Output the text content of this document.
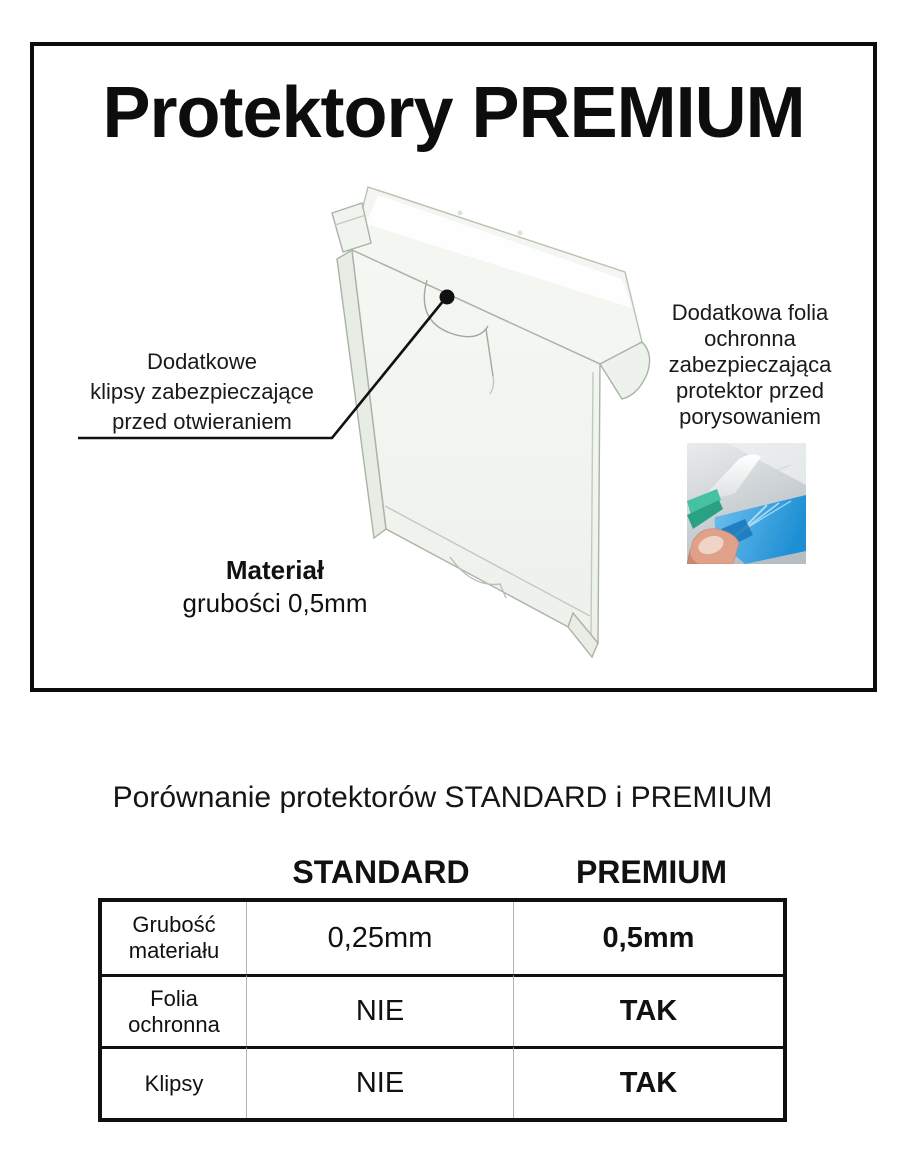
Protektory PREMIUM
Dodatkowe
klipsy zabezpieczające
przed otwieraniem
Dodatkowa folia
ochronna
zabezpieczająca
protektor przed
porysowaniem
Materiał
grubości 0,5mm
Porównanie protektorów STANDARD i PREMIUM
STANDARD	PREMIUM
Grubość materiału	0,25mm	0,5mm
Folia ochronna	NIE	TAK
Klipsy	NIE	TAK
